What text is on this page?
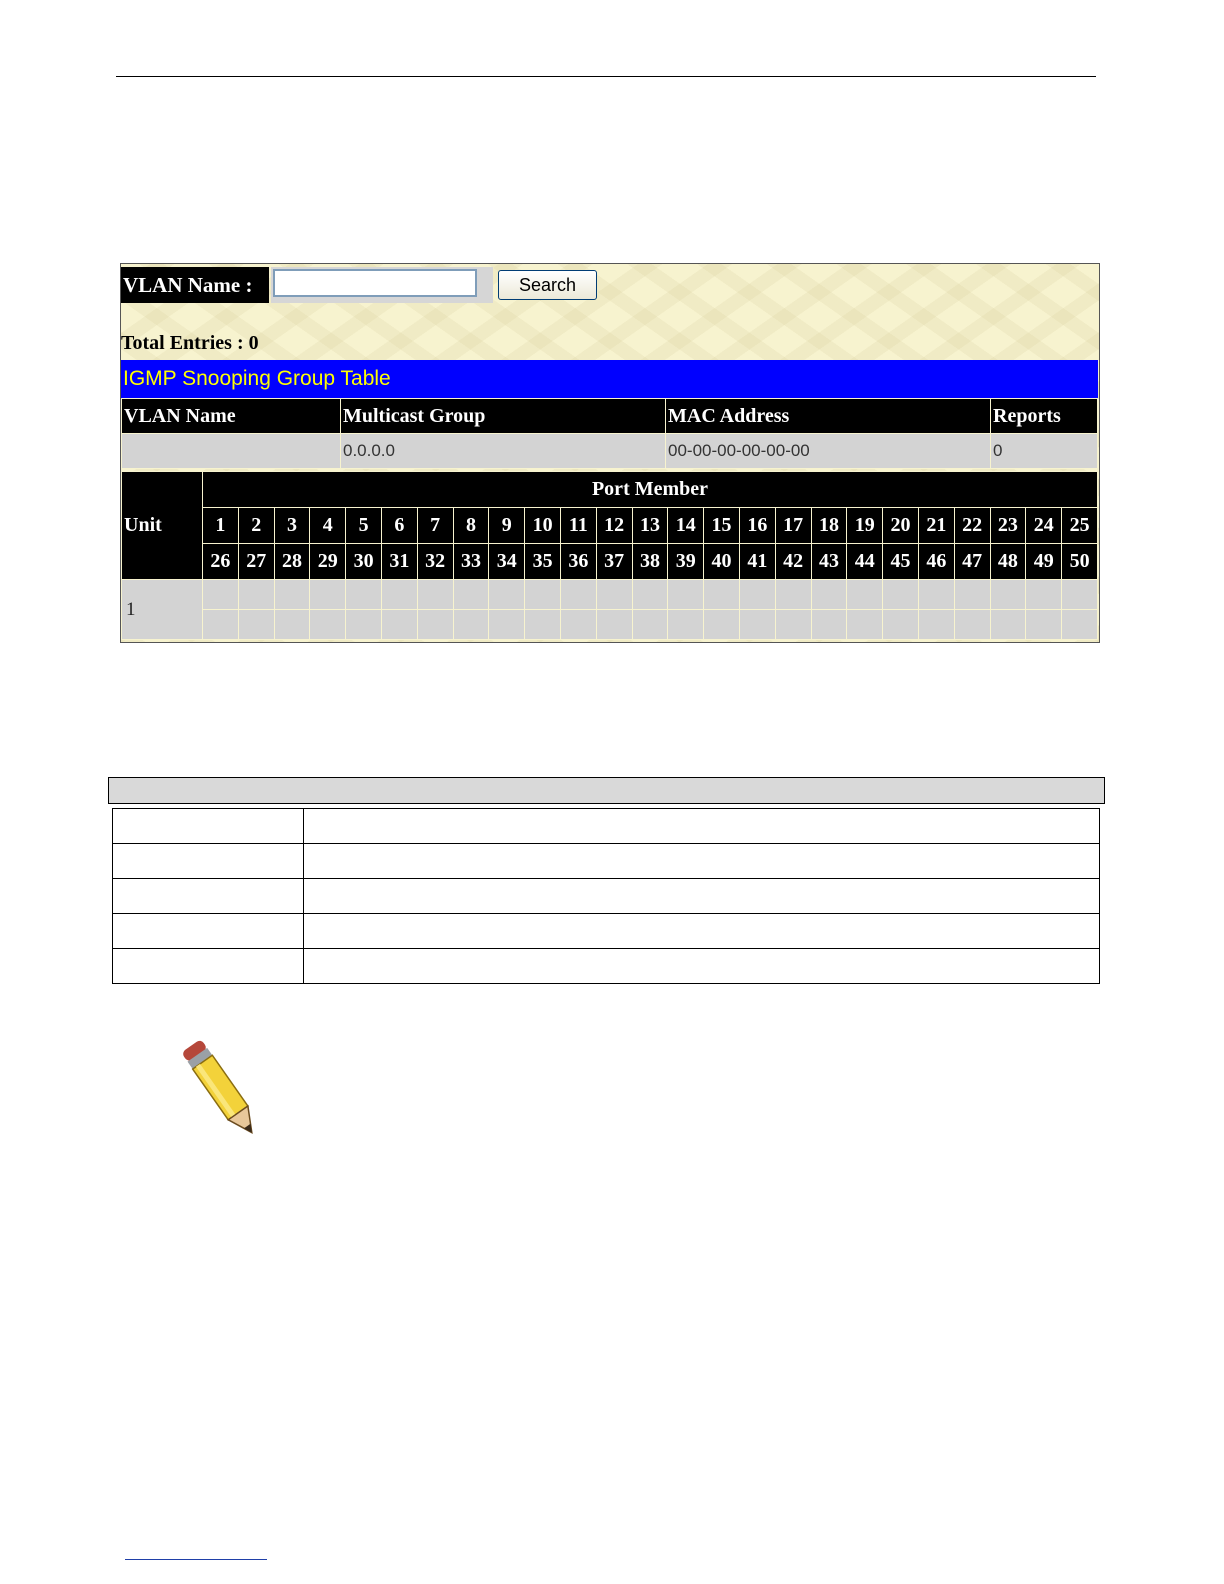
VLAN Name :	Search
Total Entries : 0
IGMP Snooping Group Table
VLAN Name	Multicast Group	MAC Address	Reports
	0.0.0.0	00-00-00-00-00-00	0
Unit	Port Member																								
	1	2	3	4	5	6	7	8	9	10	11	12	13	14	15	16	17	18	19	20	21	22	23	24	25
	26	27	28	29	30	31	32	33	34	35	36	37	38	39	40	41	42	43	44	45	46	47	48	49	50
1																									
